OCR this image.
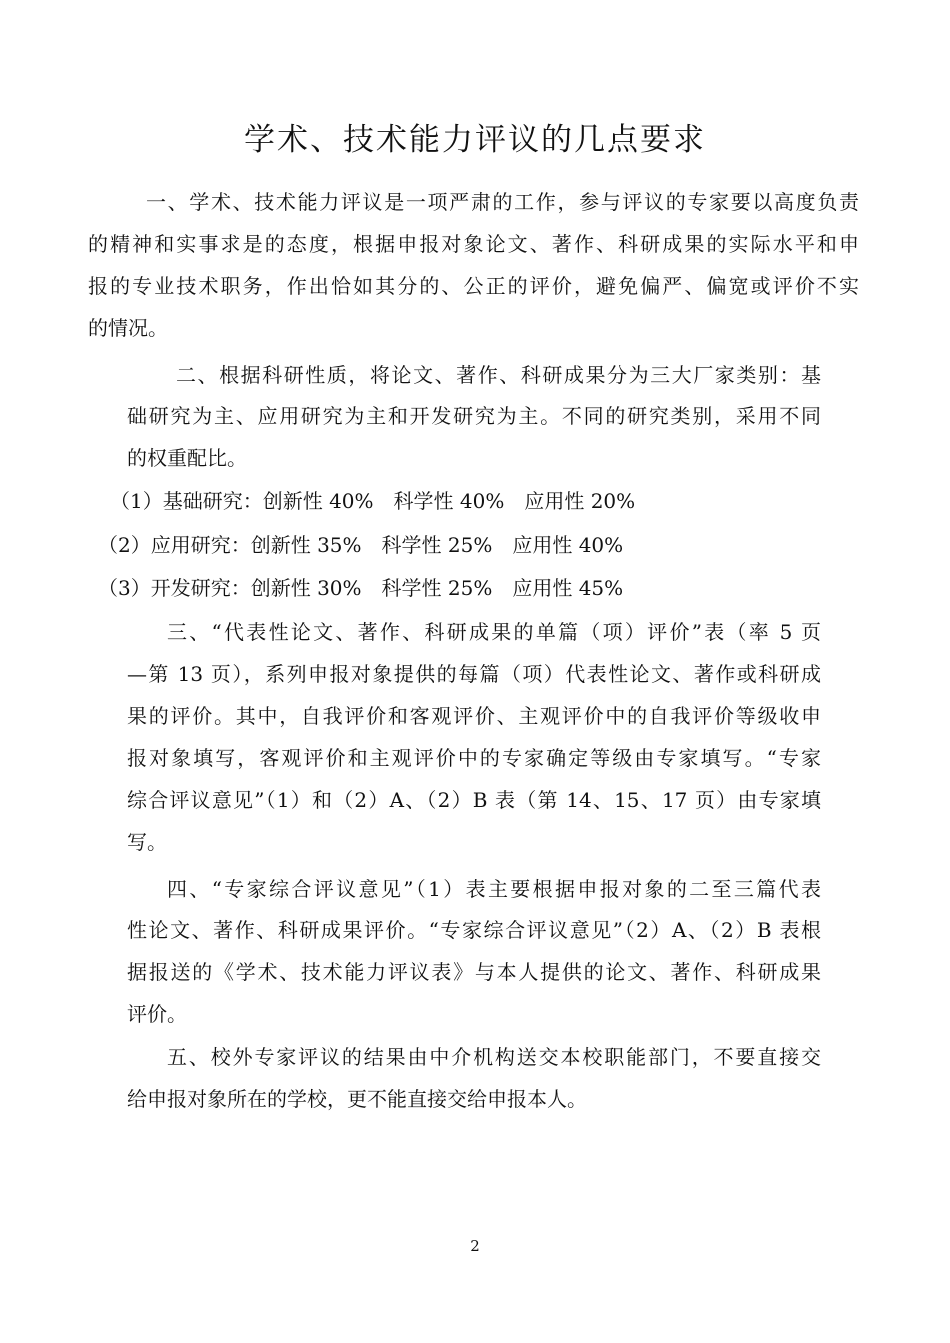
学术、技术能力评议的几点要求
一、学术、技术能力评议是一项严肃的工作，参与评议的专家要以高度负责
的精神和实事求是的态度，根据申报对象论文、著作、科研成果的实际水平和申
报的专业技术职务，作出恰如其分的、公正的评价，避免偏严、偏宽或评价不实
的情况。
二、根据科研性质，将论文、著作、科研成果分为三大厂家类别：基
础研究为主、应用研究为主和开发研究为主。不同的研究类别，采用不同
的权重配比。
（1）基础研究：创新性 40%　科学性 40%　应用性 20%
（2）应用研究：创新性 35%　科学性 25%　应用性 40%
（3）开发研究：创新性 30%　科学性 25%　应用性 45%
三、“代表性论文、著作、科研成果的单篇（项）评价”表（率 5 页
—第 13 页），系列申报对象提供的每篇（项）代表性论文、著作或科研成
果的评价。其中，自我评价和客观评价、主观评价中的自我评价等级收申
报对象填写，客观评价和主观评价中的专家确定等级由专家填写。“专家
综合评议意见”（1）和（2）A、（2）B 表（第 14、15、17 页）由专家填
写。
四、“专家综合评议意见”（1）表主要根据申报对象的二至三篇代表
性论文、著作、科研成果评价。“专家综合评议意见”（2）A、（2）B 表根
据报送的《学术、技术能力评议表》与本人提供的论文、著作、科研成果
评价。
五、校外专家评议的结果由中介机构送交本校职能部门，不要直接交
给申报对象所在的学校，更不能直接交给申报本人。
2
